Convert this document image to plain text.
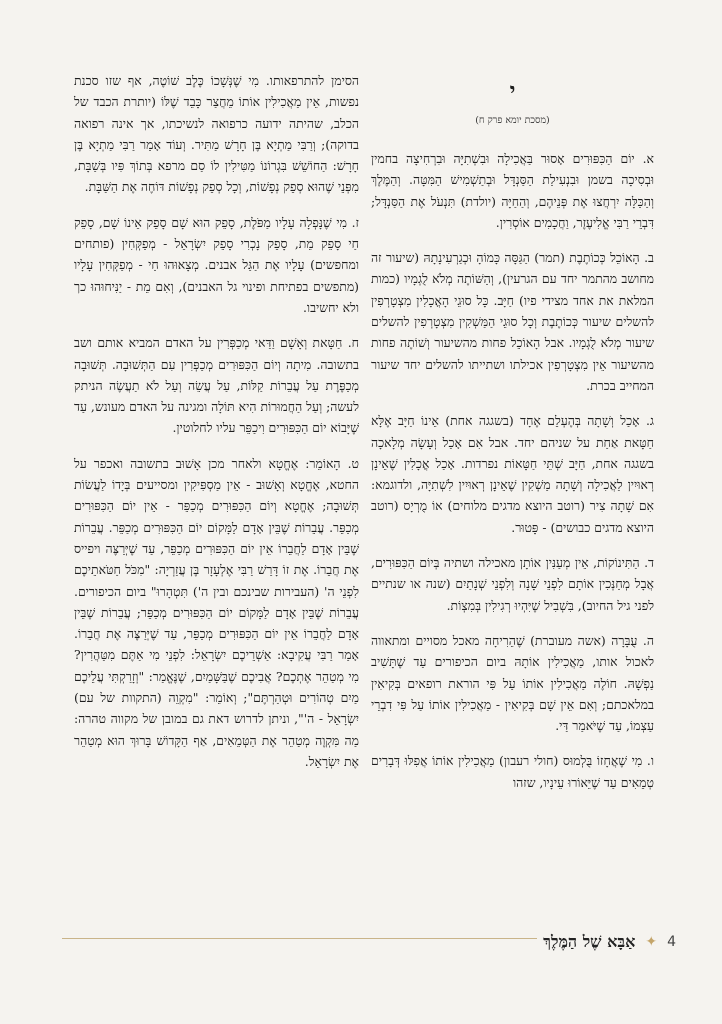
י
(מסכת יומא פרק ח)

א. יוֹם הַכִּפּוּרִים אָסוּר בַּאֲכִילָה וּבִשְׁתִיָּה וּבִרְחִיצָה בחמין וּבְסִיכָה בשמן וּבִנְעִילַת הַסַּנְדָּל וּבְתַשְׁמִישׁ הַמִּטָּה. וְהַמֶּלֶךְ וְהַכַּלָּה יִרְחֲצוּ אֶת פְּנֵיהֶם, וְהַחַיָּה (יולדת) תִּנְעֹל אֶת הַסַּנְדָּל; דִּבְרֵי רַבִּי אֱלִיעֶזֶר, וַחֲכָמִים אוֹסְרִין.

ב. הָאוֹכֵל כְּכוֹתֶבֶת (תמר) הַגַּסָּה כָּמוֹהָ וּכְגַרְעִינָתָהּ (שיעור זה מחושב מהתמר יחד עם הגרעין), וְהַשּׁוֹתֶה מְלֹא לֻגְמָיו (כמות המלאת את אחד מצידי פיו) חַיָּב. כָּל סוּגֵי הָאֳכָלִין מִצְטָרְפִין להשלים שיעור כְּכוֹתֶבֶת וְכָל סוּגֵי הַמַּשְׁקִין מִצְטָרְפִין להשלים שיעור מְלֹא לֻגְמָיו. אבל הָאוֹכֵל פחות מהשיעור וְשׁוֹתֶה פחות מהשיעור אֵין מִצְטָרְפִין אכילתו ושתייתו להשלים יחד שיעור המחייב בכרת.

ג. אָכַל וְשָׁתָה בְּהֶעְלֵם אֶחָד (בשגגה אחת) אֵינוֹ חַיָּב אֶלָּא חַטָּאת אַחַת על שניהם יחד. אבל אִם אָכַל וְעָשָׂה מְלָאכָה בשגגה אחת, חַיָּב שְׁתֵּי חַטָּאוֹת נפרדות. אָכַל אֳכָלִין שֶׁאֵינָן רְאוּיִין לַאֲכִילָה וְשָׁתָה מַשְׁקִין שֶׁאֵינָן רְאוּיִין לִשְׁתִיָּה, ולדוגמא: אִם שָׁתָה צִיר (רוטב היוצא מדגים מלוחים) אוֹ מֻרְיָס (רוטב היוצא מדגים כבושים) - פָּטוּר.

ד. הַתִּינוֹקוֹת, אֵין מְעַנִּין אוֹתָן מאכילה ושתיה בְּיוֹם הַכִּפּוּרִים, אֲבָל מְחַנְּכִין אוֹתָם לִפְנֵי שָׁנָה וְלִפְנֵי שְׁנָתַיִם (שנה או שנתיים לפני גיל החיוב), בִּשְׁבִיל שֶׁיִּהְיוּ רְגִילִין בְּמִצְוֹת.

ה. עֻבָּרָה (אשה מעוברת) שֶׁהֵרִיחָה מאכל מסויים ומתאווה לאכול אותו, מַאֲכִילִין אוֹתָהּ ביום הכיפורים עַד שֶׁתָּשִׁיב נַפְשָׁהּ. חוֹלֶה מַאֲכִילִין אוֹתוֹ עַל פִּי הוראת רופאים בְּקִיאִין במלאכתם; וְאִם אֵין שָׁם בְּקִיאִין - מַאֲכִילִין אוֹתוֹ עַל פִּי דִבְרֵי עַצְמוֹ, עַד שֶׁיֹּאמַר דַּי.

ו. מִי שֶׁאֲחָזוֹ בֻּלְמוּס (חולי רעבון) מַאֲכִילִין אוֹתוֹ אֲפִלּוּ דְּבָרִים טְמֵאִים עַד שֶׁיֵּאוֹרוּ עֵינָיו, שזהו

הסימן להתרפאותו. מִי שֶׁנְּשָׁכוֹ כֶּלֶב שׁוֹטֶה, אף שזו סכנת נפשות, אֵין מַאֲכִילִין אוֹתוֹ מֵחֲצַר כָּבֵד שֶׁלּוֹ (יותרת הכבד של הכלב, שהיתה ידועה כרפואה לנשיכתו, אך אינה רפואה בדוקה); וְרַבִּי מַתְיָא בֶּן חָרָשׁ מַתִּיר. וְעוֹד אָמַר רַבִּי מַתְיָא בֶּן חָרָשׁ: הַחוֹשֵׁשׁ בִּגְרוֹנוֹ מַטִּילִין לוֹ סַם מרפא בְּתוֹךְ פִּיו בְּשַׁבָּת, מִפְּנֵי שֶׁהוּא סְפֵק נְפָשׁוֹת, וְכָל סְפֵק נְפָשׁוֹת דּוֹחֶה אֶת הַשַּׁבָּת.

ז. מִי שֶׁנָּפְלָה עָלָיו מַפֹּלֶת, סָפֵק הוּא שָׁם סָפֵק אֵינוֹ שָׁם, סָפֵק חַי סָפֵק מֵת, סָפֵק נָכְרִי סָפֵק יִשְׂרָאֵל - מְפַקְּחִין (פותחים ומחפשים) עָלָיו אֶת הַגַּל אבנים. מְצָאוּהוּ חַי - מְפַקְּחִין עָלָיו (מתפשים בפתיחת ופינוי גל האבנים), וְאִם מֵת - יַנִּיחוּהוּ כך ולא יחשיבו.

ח. חַטָּאת וְאָשָׁם וַדַּאי מְכַפְּרִין על האדם המביא אותם ושב בתשובה. מִיתָה וְיוֹם הַכִּפּוּרִים מְכַפְּרִין עִם הַתְּשׁוּבָה. תְּשׁוּבָה מְכַפֶּרֶת עַל עֲבֵרוֹת קַלּוֹת, עַל עֲשֵׂה וְעַל לֹא תַעֲשֶׂה הניתק לעשה; וְעַל הַחֲמוּרוֹת הִיא תּוֹלָה ומגינה על האדם מעונש, עַד שֶׁיָּבוֹא יוֹם הַכִּפּוּרִים וִיכַפֵּר עליו לחלוטין.

ט. הָאוֹמֵר: אֶחֱטָא ולאחר מכן אָשׁוּב בתשובה ואכפר על החטא, אֶחֱטָא וְאָשׁוּב - אֵין מַסְפִּיקִין ומסייעים בְּיָדוֹ לַעֲשׂוֹת תְּשׁוּבָה; אֶחֱטָא וְיוֹם הַכִּפּוּרִים מְכַפֵּר - אֵין יוֹם הַכִּפּוּרִים מְכַפֵּר. עֲבֵרוֹת שֶׁבֵּין אָדָם לַמָּקוֹם יוֹם הַכִּפּוּרִים מְכַפֵּר. עֲבֵרוֹת שֶׁבֵּין אָדָם לַחֲבֵרוֹ אֵין יוֹם הַכִּפּוּרִים מְכַפֵּר, עַד שֶׁיְּרַצֶּה ויפייס אֶת חֲבֵרוֹ. אֶת זוֹ דָּרַשׁ רַבִּי אֶלְעָזָר בֶּן עֲזַרְיָה: "מִכֹּל חַטֹּאתֵיכֶם לִפְנֵי ה' (העבירות שבינכם ובין ה') תִּטְהָרוּ" ביום הכיפורים. עֲבֵרוֹת שֶׁבֵּין אָדָם לַמָּקוֹם יוֹם הַכִּפּוּרִים מְכַפֵּר; עֲבֵרוֹת שֶׁבֵּין אָדָם לַחֲבֵרוֹ אֵין יוֹם הַכִּפּוּרִים מְכַפֵּר, עַד שֶׁיְּרַצֶּה אֶת חֲבֵרוֹ. אָמַר רַבִּי עֲקִיבָא: אַשְׁרֵיכֶם יִשְׂרָאֵל: לִפְנֵי מִי אַתֶּם מִטַּהֲרִין? מִי מְטַהֵר אֶתְכֶם? אֲבִיכֶם שֶׁבַּשָּׁמַיִם, שֶׁנֶּאֱמַר: "וְזָרַקְתִּי עֲלֵיכֶם מַיִם טְהוֹרִים וּטְהַרְתֶּם"; וְאוֹמֵר: "מִקְוֵה (התקוות של עם) יִשְׂרָאֵל - ה'", וניתן לדרוש דאת גם במובן של מקווה טהרה: מַה מִּקְוֶה מְטַהֵר אֶת הַטְּמֵאִים, אַף הַקָּדוֹשׁ בָּרוּךְ הוּא מְטַהֵר אֶת יִשְׂרָאֵל.

4
✦
אַבָּא שֶׁל הַמֶּלֶךְ
